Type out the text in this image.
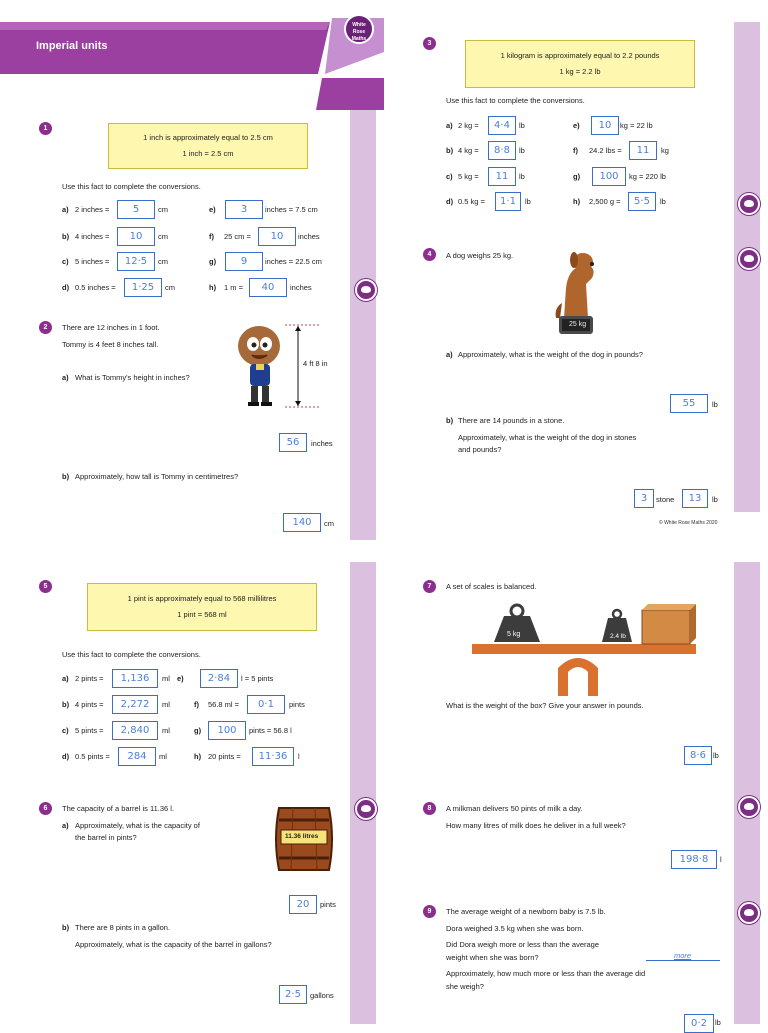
Imperial units
White Rose Maths
1
1 inch is approximately equal to 2.5 cm
1 inch = 2.5 cm
Use this fact to complete the conversions.
a) 2 inches =	5	cm
b) 4 inches =	10	cm
c) 5 inches =	12·5	cm
d) 0.5 inches =	1·25	cm
e)	3	inches = 7.5 cm
f) 25 cm =	10	inches
g)	9	inches = 22.5 cm
h) 1 m =	40	inches
2	There are 12 inches in 1 foot.
Tommy is 4 feet 8 inches tall.
a) What is Tommy's height in inches?
4 ft 8 in
56	inches
b) Approximately, how tall is Tommy in centimetres?
140	cm
3
1 kilogram is approximately equal to 2.2 pounds
1 kg = 2.2 lb
Use this fact to complete the conversions.
a) 2 kg =	4·4	lb
b) 4 kg =	8·8	lb
c) 5 kg =	11	lb
d) 0.5 kg =	1·1	lb
e)	10	kg = 22 lb
f) 24.2 lbs =	11	kg
g)	100	kg = 220 lb
h) 2,500 g =	5·5	lb
4	A dog weighs 25 kg.
25 kg
a) Approximately, what is the weight of the dog in pounds?
55	lb
b) There are 14 pounds in a stone.
Approximately, what is the weight of the dog in stones
and pounds?
3	stone	13	lb
© White Rose Maths 2020
5
1 pint is approximately equal to 568 millilitres
1 pint = 568 ml
Use this fact to complete the conversions.
a) 2 pints =	1,136	ml
b) 4 pints =	2,272	ml
c) 5 pints =	2,840	ml
d) 0.5 pints =	284	ml
e)	2·84	l = 5 pints
f) 56.8 ml =	0·1	pints
g)	100	pints = 56.8 l
h) 20 pints =	11·36	l
6	The capacity of a barrel is 11.36 l.
a) Approximately, what is the capacity of
the barrel in pints?	11.36 litres
20	pints
b) There are 8 pints in a gallon.
Approximately, what is the capacity of the barrel in gallons?
2·5	gallons
7	A set of scales is balanced.
5 kg	2.4 lb
What is the weight of the box? Give your answer in pounds.
8·6 lb
8	A milkman delivers 50 pints of milk a day.
How many litres of milk does he deliver in a full week?
198·8	l
9	The average weight of a newborn baby is 7.5 lb.
Dora weighed 3.5 kg when she was born.
Did Dora weigh more or less than the average
weight when she was born?	more
Approximately, how much more or less than the average did
she weigh?
0·2	lb
